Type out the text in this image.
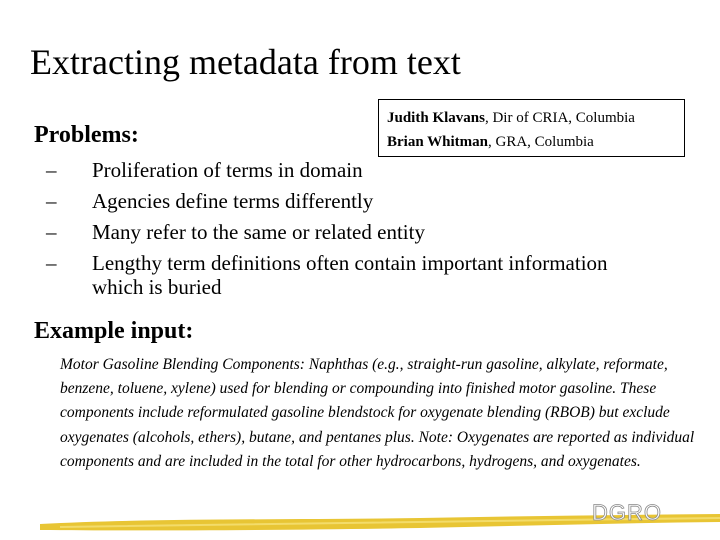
Extracting metadata from text
Judith Klavans, Dir of CRIA, Columbia
Brian Whitman, GRA, Columbia
Problems:
– Proliferation of terms in domain
– Agencies define terms differently
– Many refer to the same or related entity
– Lengthy term definitions often contain important information
which is buried
Example input:

Motor Gasoline Blending Components: Naphthas (e.g., straight-run gasoline, alkylate, reformate, benzene, toluene, xylene) used for blending or compounding into finished motor gasoline. These components include reformulated gasoline blendstock for oxygenate blending (RBOB) but exclude oxygenates (alcohols, ethers), butane, and pentanes plus. Note: Oxygenates are reported as individual components and are included in the total for other hydrocarbons, hydrogens, and oxygenates.

DGRO
